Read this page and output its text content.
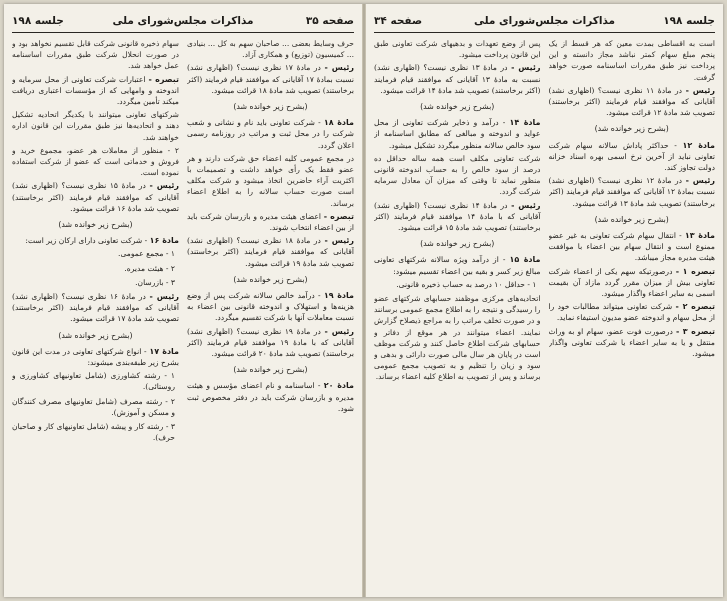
صفحه ۳۵
مذاکرات مجلس‌شورای ملی
جلسه ۱۹۸

حرف وسایط بعضی ... صاحبان سهم به کل ... بنیادی ... کمیسیون (توزیع) و همکاری آزاد.

رئیس - در مادهٔ ۱۷ نظری نیست؟ (اظهاری نشد) نسبت بمادهٔ ۱۷ آقایانی که موافقند قیام فرمایند (اکثر برخاستند) تصویب شد مادهٔ ۱۸ قرائت میشود.

(بشرح زیر خوانده شد)

مادهٔ ۱۸ - شرکت تعاونی باید نام و نشانی و شعب شرکت را در محل ثبت و مراتب در روزنامه رسمی اعلان گردد.

در مجمع عمومی کلیه اعضاء حق شرکت دارند و هر عضو فقط یک رأی خواهد داشت و تصمیمات با اکثریت آراء حاضرین اتخاذ میشود و شرکت مکلف است صورت حساب سالانه را به اطلاع اعضاء برساند.

تبصره - اعضای هیئت مدیره و بازرسان شرکت باید از بین اعضاء انتخاب شوند.

رئیس - در مادهٔ ۱۸ نظری نیست؟ (اظهاری نشد) آقایانی که موافقند قیام فرمایند (اکثر برخاستند) تصویب شد مادهٔ ۱۹ قرائت میشود.

(بشرح زیر خوانده شد)

مادهٔ ۱۹ - درآمد خالص سالانه شرکت پس از وضع هزینه‌ها و استهلاک و اندوخته قانونی بین اعضاء به نسبت معاملات آنها با شرکت تقسیم میگردد.

رئیس - در مادهٔ ۱۹ نظری نیست؟ (اظهاری نشد) آقایانی که با مادهٔ ۱۹ موافقند قیام فرمایند (اکثر برخاستند) تصویب شد مادهٔ ۲۰ قرائت میشود.

(بشرح زیر خوانده شد)

مادهٔ ۲۰ - اساسنامه و نام اعضای مؤسس و هیئت مدیره و بازرسان شرکت باید در دفتر مخصوص ثبت شود.

سهام ذخیره قانونی شرکت قابل تقسیم نخواهد بود و در صورت انحلال شرکت طبق مقررات اساسنامه عمل خواهد شد.

تبصره - اعتبارات شرکت تعاونی از محل سرمایه و اندوخته و وامهایی که از مؤسسات اعتباری دریافت میکند تأمین میگردد.

شرکتهای تعاونی میتوانند با یکدیگر اتحادیه تشکیل دهند و اتحادیه‌ها نیز طبق مقررات این قانون اداره خواهند شد.

۲ - منظور از معاملات هر عضو، مجموع خرید و فروش و خدماتی است که عضو از شرکت استفاده نموده است.

رئیس - در مادهٔ ۱۵ نظری نیست؟ (اظهاری نشد) آقایانی که موافقند قیام فرمایند (اکثر برخاستند) تصویب شد مادهٔ ۱۶ قرائت میشود.

(بشرح زیر خوانده شد)

مادهٔ ۱۶ - شرکت تعاونی دارای ارکان زیر است:

۱ - مجمع عمومی.

۲ - هیئت مدیره.

۳ - بازرسان.

رئیس - در مادهٔ ۱۶ نظری نیست؟ (اظهاری نشد) آقایانی که موافقند قیام فرمایند (اکثر برخاستند) تصویب شد مادهٔ ۱۷ قرائت میشود.

(بشرح زیر خوانده شد)

مادهٔ ۱۷ - انواع شرکتهای تعاونی در مدت این قانون بشرح زیر طبقه‌بندی میشوند:

۱ - رشته کشاورزی (شامل تعاونیهای کشاورزی و روستائی).

۲ - رشته مصرف (شامل تعاونیهای مصرف کنندگان و مسکن و آموزش).

۳ - رشته کار و پیشه (شامل تعاونیهای کار و صاحبان حرف).

صفحه ۳۴	مذاکرات مجلس‌شورای ملی	جلسه ۱۹۸

است به اقساطی بمدت معین که هر قسط از یک پنجم مبلغ سهام کمتر نباشد مجاز دانسته و این پرداخت نیز طبق مقررات اساسنامه صورت خواهد گرفت.

رئیس - در مادهٔ ۱۱ نظری نیست؟ (اظهاری نشد) آقایانی که موافقند قیام فرمایند (اکثر برخاستند) تصویب شد مادهٔ ۱۲ قرائت میشود.

(بشرح زیر خوانده شد)

مادهٔ ۱۲ - حداکثر پاداش سالانه سهام شرکت تعاونی نباید از آخرین نرخ اسمی بهره اسناد خزانه دولت تجاوز کند.

رئیس - در مادهٔ ۱۲ نظری نیست؟ (اظهاری نشد) نسبت بمادهٔ ۱۲ آقایانی که موافقند قیام فرمایند (اکثر برخاستند) تصویب شد مادهٔ ۱۳ قرائت میشود.

(بشرح زیر خوانده شد)

مادهٔ ۱۳ - انتقال سهام شرکت تعاونی به غیر عضو ممنوع است و انتقال سهام بین اعضاء با موافقت هیئت مدیره مجاز میباشد.

تبصره ۱ - درصورتیکه سهم یکی از اعضاء شرکت تعاونی بیش از میزان مقرر گردد مازاد آن بقیمت اسمی به سایر اعضاء واگذار میشود.

تبصره ۲ - شرکت تعاونی میتواند مطالبات خود را از محل سهام و اندوخته عضو مدیون استیفاء نماید.

تبصره ۳ - درصورت فوت عضو، سهام او به وراث منتقل و یا به سایر اعضاء یا شرکت تعاونی واگذار میشود.

پس از وضع تعهدات و بدهیهای شرکت تعاونی طبق این قانون پرداخت میشود.

رئیس - در مادهٔ ۱۳ نظری نیست؟ (اظهاری نشد) نسبت به مادهٔ ۱۳ آقایانی که موافقند قیام فرمایند (اکثر برخاستند) تصویب شد مادهٔ ۱۴ قرائت میشود.

(بشرح زیر خوانده شد)

مادهٔ ۱۴ - درآمد و ذخایر شرکت تعاونی از محل عواید و اندوخته و مبالغی که مطابق اساسنامه از سود خالص سالانه منظور میگردد تشکیل میشود.

شرکت تعاونی مکلف است همه ساله حداقل ده درصد از سود خالص را به حساب اندوخته قانونی منظور نماید تا وقتی که میزان آن معادل سرمایه شرکت گردد.

رئیس - در مادهٔ ۱۴ نظری نیست؟ (اظهاری نشد) آقایانی که با مادهٔ ۱۴ موافقند قیام فرمایند (اکثر برخاستند) تصویب شد مادهٔ ۱۵ قرائت میشود.

(بشرح زیر خوانده شد)

مادهٔ ۱۵ - از درآمد ویژه سالانه شرکتهای تعاونی مبالغ زیر کسر و بقیه بین اعضاء تقسیم میشود:

۱ - حداقل ۱۰ درصد به حساب ذخیره قانونی.

اتحادیه‌های مرکزی موظفند حسابهای شرکتهای عضو را رسیدگی و نتیجه را به اطلاع مجمع عمومی برسانند و در صورت تخلف مراتب را به مراجع ذیصلاح گزارش نمایند. اعضاء میتوانند در هر موقع از دفاتر و حسابهای شرکت اطلاع حاصل کنند و شرکت موظف است در پایان هر سال مالی صورت دارائی و بدهی و سود و زیان را تنظیم و به تصویب مجمع عمومی برساند و پس از تصویب به اطلاع کلیه اعضاء برساند.
